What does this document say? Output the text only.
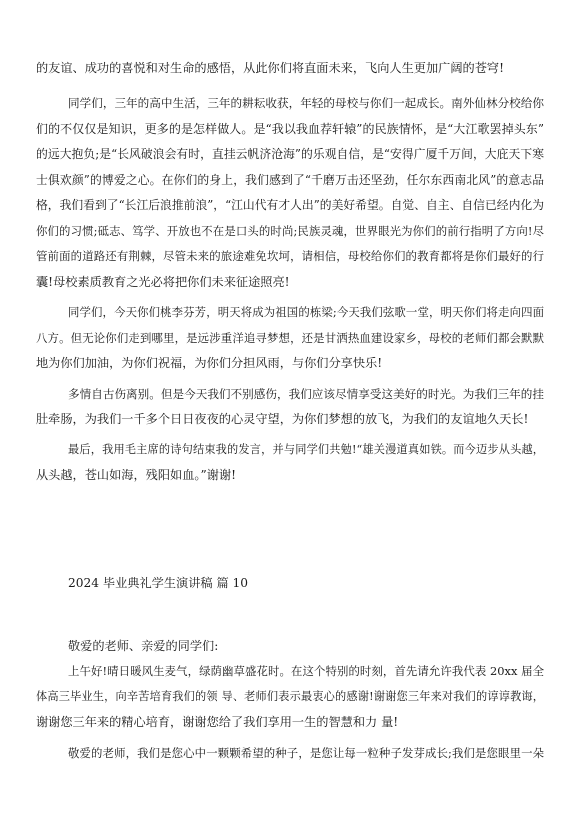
的友谊、成功的喜悦和对生命的感悟，从此你们将直面未来，飞向人生更加广阔的苍穹!
同学们，三年的高中生活，三年的耕耘收获，年轻的母校与你们一起成长。南外仙林分校给你
们的不仅仅是知识，更多的是怎样做人。是“我以我血荐轩辕”的民族情怀，是“大江歌罢掉头东”
的远大抱负;是“长风破浪会有时，直挂云帆济沧海”的乐观自信，是“安得广厦千万间，大庇天下寒
士俱欢颜”的博爱之心。在你们的身上，我们感到了“千磨万击还坚劲，任尔东西南北风”的意志品
格，我们看到了“长江后浪推前浪”，“江山代有才人出”的美好希望。自觉、自主、自信已经内化为
你们的习惯;砥志、笃学、开放也不在是口头的时尚;民族灵魂，世界眼光为你们的前行指明了方向!尽
管前面的道路还有荆棘，尽管未来的旅途难免坎坷，请相信，母校给你们的教育都将是你们最好的行
囊!母校素质教育之光必将把你们未来征途照亮!
同学们，今天你们桃李芬芳，明天将成为祖国的栋梁;今天我们弦歌一堂，明天你们将走向四面
八方。但无论你们走到哪里，是远涉重洋追寻梦想，还是甘洒热血建设家乡，母校的老师们都会默默
地为你们加油，为你们祝福，为你们分担风雨，与你们分享快乐!
多情自古伤离别。但是今天我们不别感伤，我们应该尽情享受这美好的时光。为我们三年的挂
肚牵肠，为我们一千多个日日夜夜的心灵守望，为你们梦想的放飞，为我们的友谊地久天长!
最后，我用毛主席的诗句结束我的发言，并与同学们共勉!“雄关漫道真如铁。而今迈步从头越，
从头越，苍山如海，残阳如血。”谢谢!
2024 毕业典礼学生演讲稿 篇 10
敬爱的老师、亲爱的同学们:
上午好!晴日暖风生麦气，绿荫幽草盛花时。在这个特别的时刻，首先请允许我代表 20xx 届全
体高三毕业生，向辛苦培育我们的领 导、老师们表示最衷心的感谢!谢谢您三年来对我们的谆谆教诲，
谢谢您三年来的精心培育，谢谢您给了我们享用一生的智慧和力 量!
敬爱的老师，我们是您心中一颗颗希望的种子，是您让每一粒种子发芽成长;我们是您眼里一朵
